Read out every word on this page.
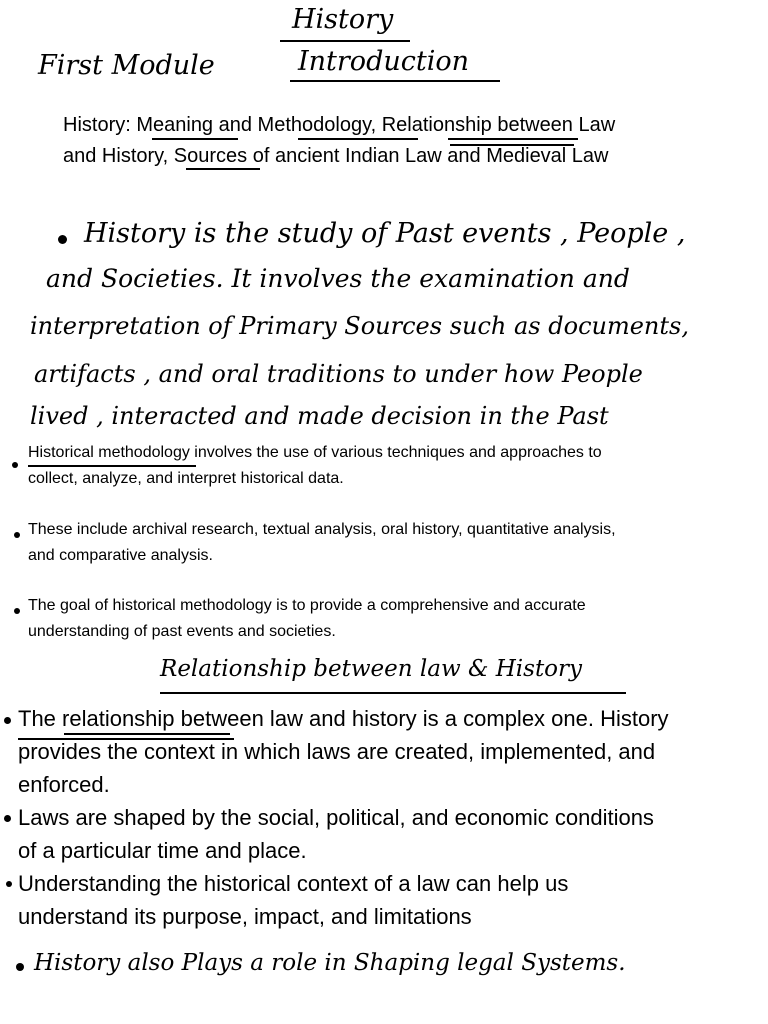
History
First Module	Introduction
History: Meaning and Methodology, Relationship between Law
and History, Sources of ancient Indian Law and Medieval Law
History is the study of Past events , People ,
and Societies. It involves the examination and
interpretation of Primary Sources such as documents,
artifacts , and oral traditions to under how People
lived , interacted and made decision in the Past
Historical methodology involves the use of various techniques and approaches to
collect, analyze, and interpret historical data.
These include archival research, textual analysis, oral history, quantitative analysis,
and comparative analysis.
The goal of historical methodology is to provide a comprehensive and accurate
understanding of past events and societies.
Relationship between law & History
The relationship between law and history is a complex one. History
provides the context in which laws are created, implemented, and
enforced.
Laws are shaped by the social, political, and economic conditions
of a particular time and place.
Understanding the historical context of a law can help us
understand its purpose, impact, and limitations
History also Plays a role in Shaping legal Systems.
